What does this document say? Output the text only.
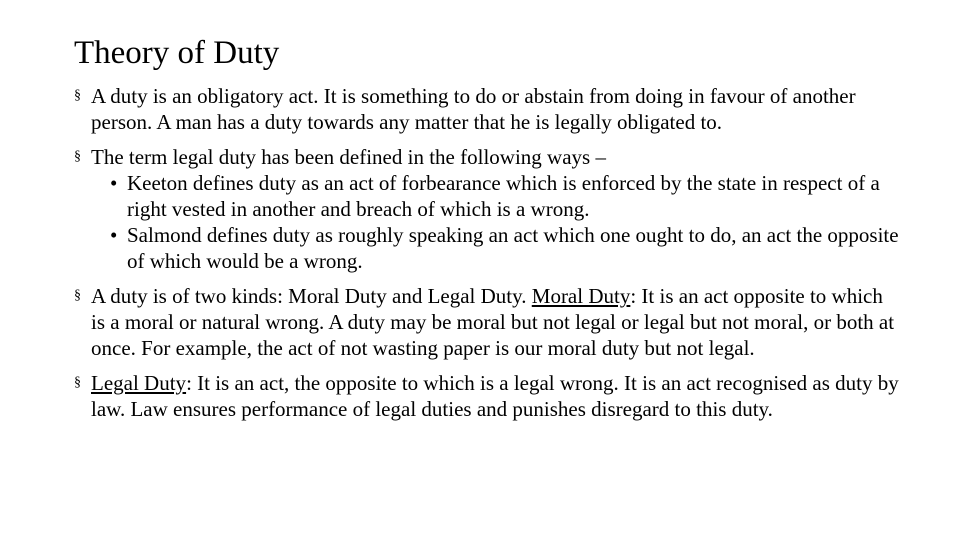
Theory of Duty
§ A duty is an obligatory act. It is something to do or abstain from doing in favour of another person. A man has a duty towards any matter that he is legally obligated to.
§ The term legal duty has been defined in the following ways –
• Keeton defines duty as an act of forbearance which is enforced by the state in respect of a right vested in another and breach of which is a wrong.
• Salmond defines duty as roughly speaking an act which one ought to do, an act the opposite of which would be a wrong.
§ A duty is of two kinds: Moral Duty and Legal Duty. Moral Duty: It is an act opposite to which is a moral or natural wrong. A duty may be moral but not legal or legal but not moral, or both at once. For example, the act of not wasting paper is our moral duty but not legal.
§ Legal Duty: It is an act, the opposite to which is a legal wrong. It is an act recognised as duty by law. Law ensures performance of legal duties and punishes disregard to this duty.
